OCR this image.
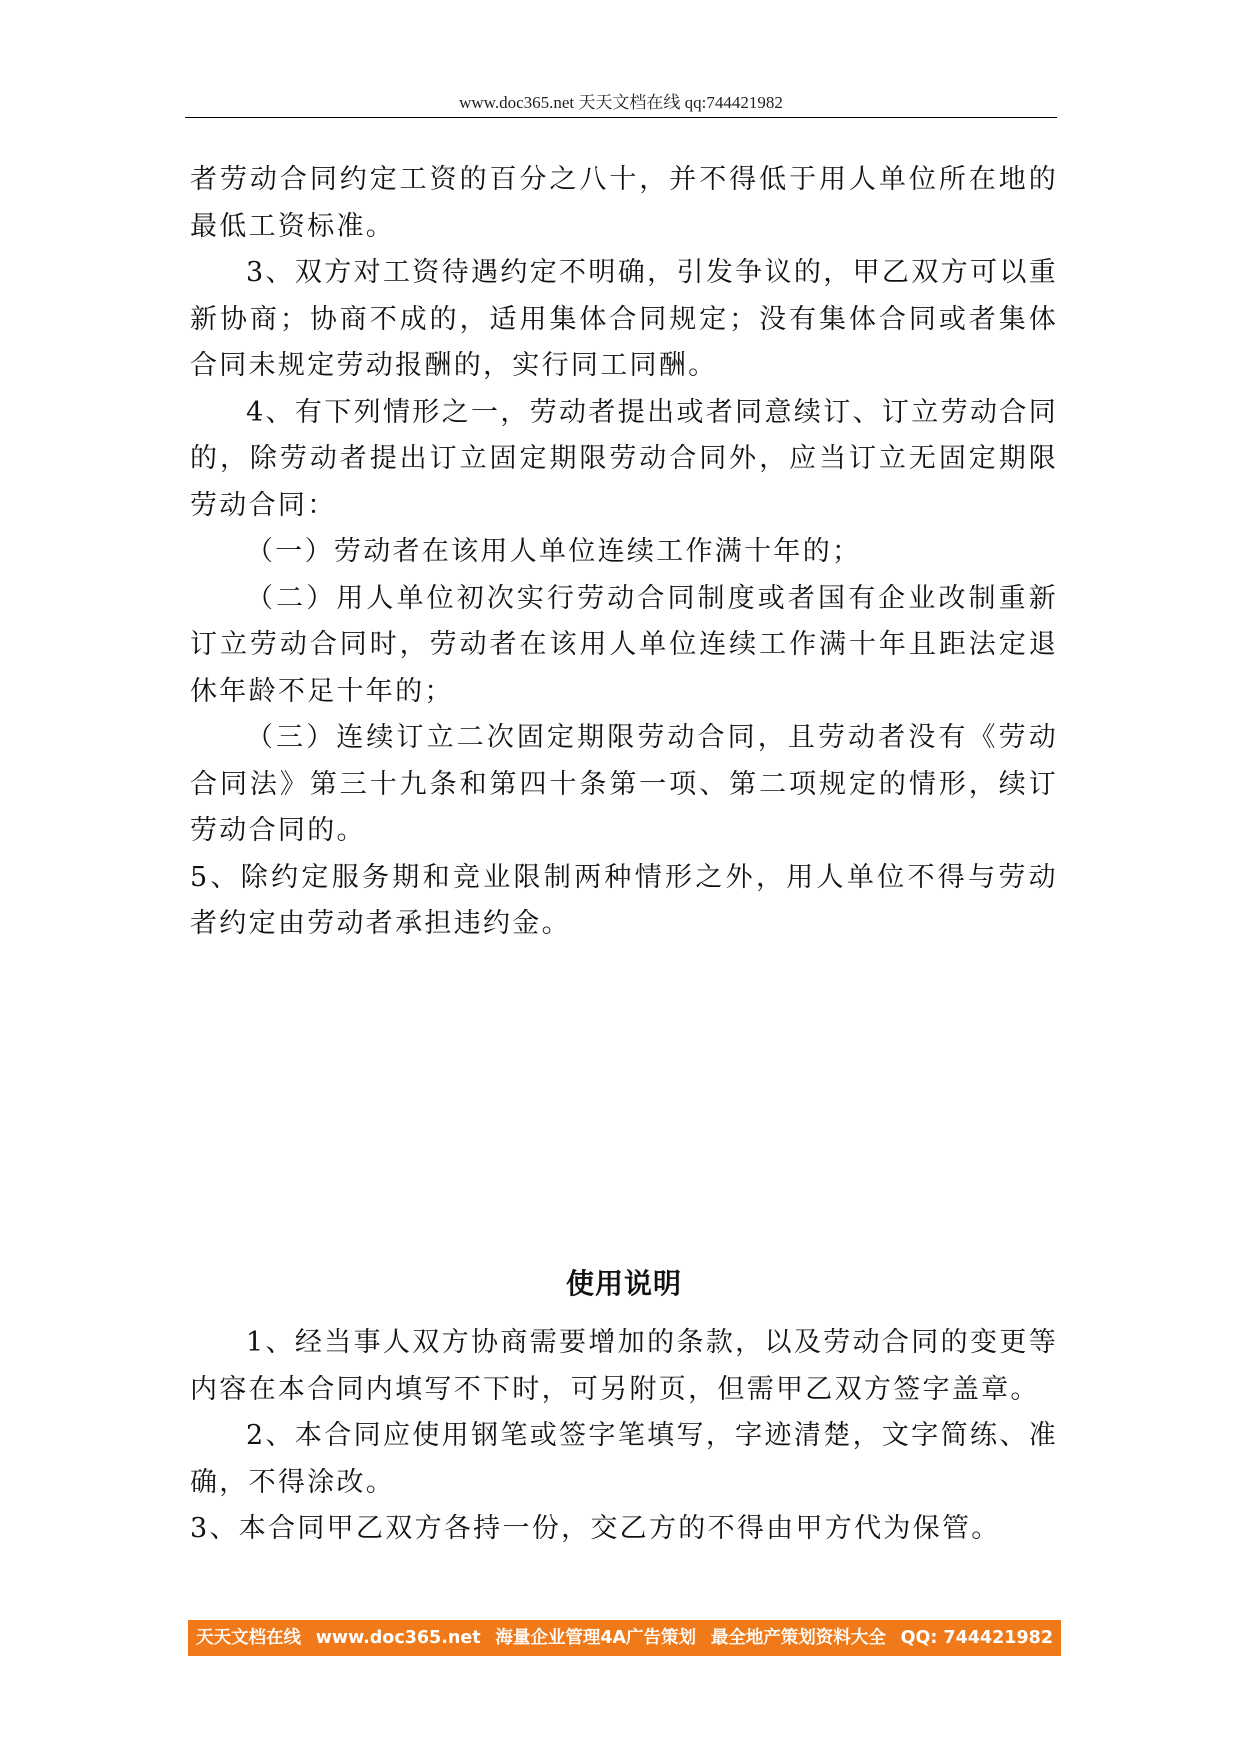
www.doc365.net 天天文档在线 qq:744421982

者劳动合同约定工资的百分之八十，并不得低于用人单位所在地的最低工资标准。

3、双方对工资待遇约定不明确，引发争议的，甲乙双方可以重新协商；协商不成的，适用集体合同规定；没有集体合同或者集体合同未规定劳动报酬的，实行同工同酬。

4、有下列情形之一，劳动者提出或者同意续订、订立劳动合同的，除劳动者提出订立固定期限劳动合同外，应当订立无固定期限劳动合同：

（一）劳动者在该用人单位连续工作满十年的；

（二）用人单位初次实行劳动合同制度或者国有企业改制重新订立劳动合同时，劳动者在该用人单位连续工作满十年且距法定退休年龄不足十年的；

（三）连续订立二次固定期限劳动合同，且劳动者没有《劳动合同法》第三十九条和第四十条第一项、第二项规定的情形，续订劳动合同的。

5、除约定服务期和竞业限制两种情形之外，用人单位不得与劳动者约定由劳动者承担违约金。

使用说明

1、经当事人双方协商需要增加的条款，以及劳动合同的变更等内容在本合同内填写不下时，可另附页，但需甲乙双方签字盖章。

2、本合同应使用钢笔或签字笔填写，字迹清楚，文字简练、准确，不得涂改。

3、本合同甲乙双方各持一份，交乙方的不得由甲方代为保管。

天天文档在线 www.doc365.net 海量企业管理4A广告策划 最全地产策划资料大全 QQ: 744421982
